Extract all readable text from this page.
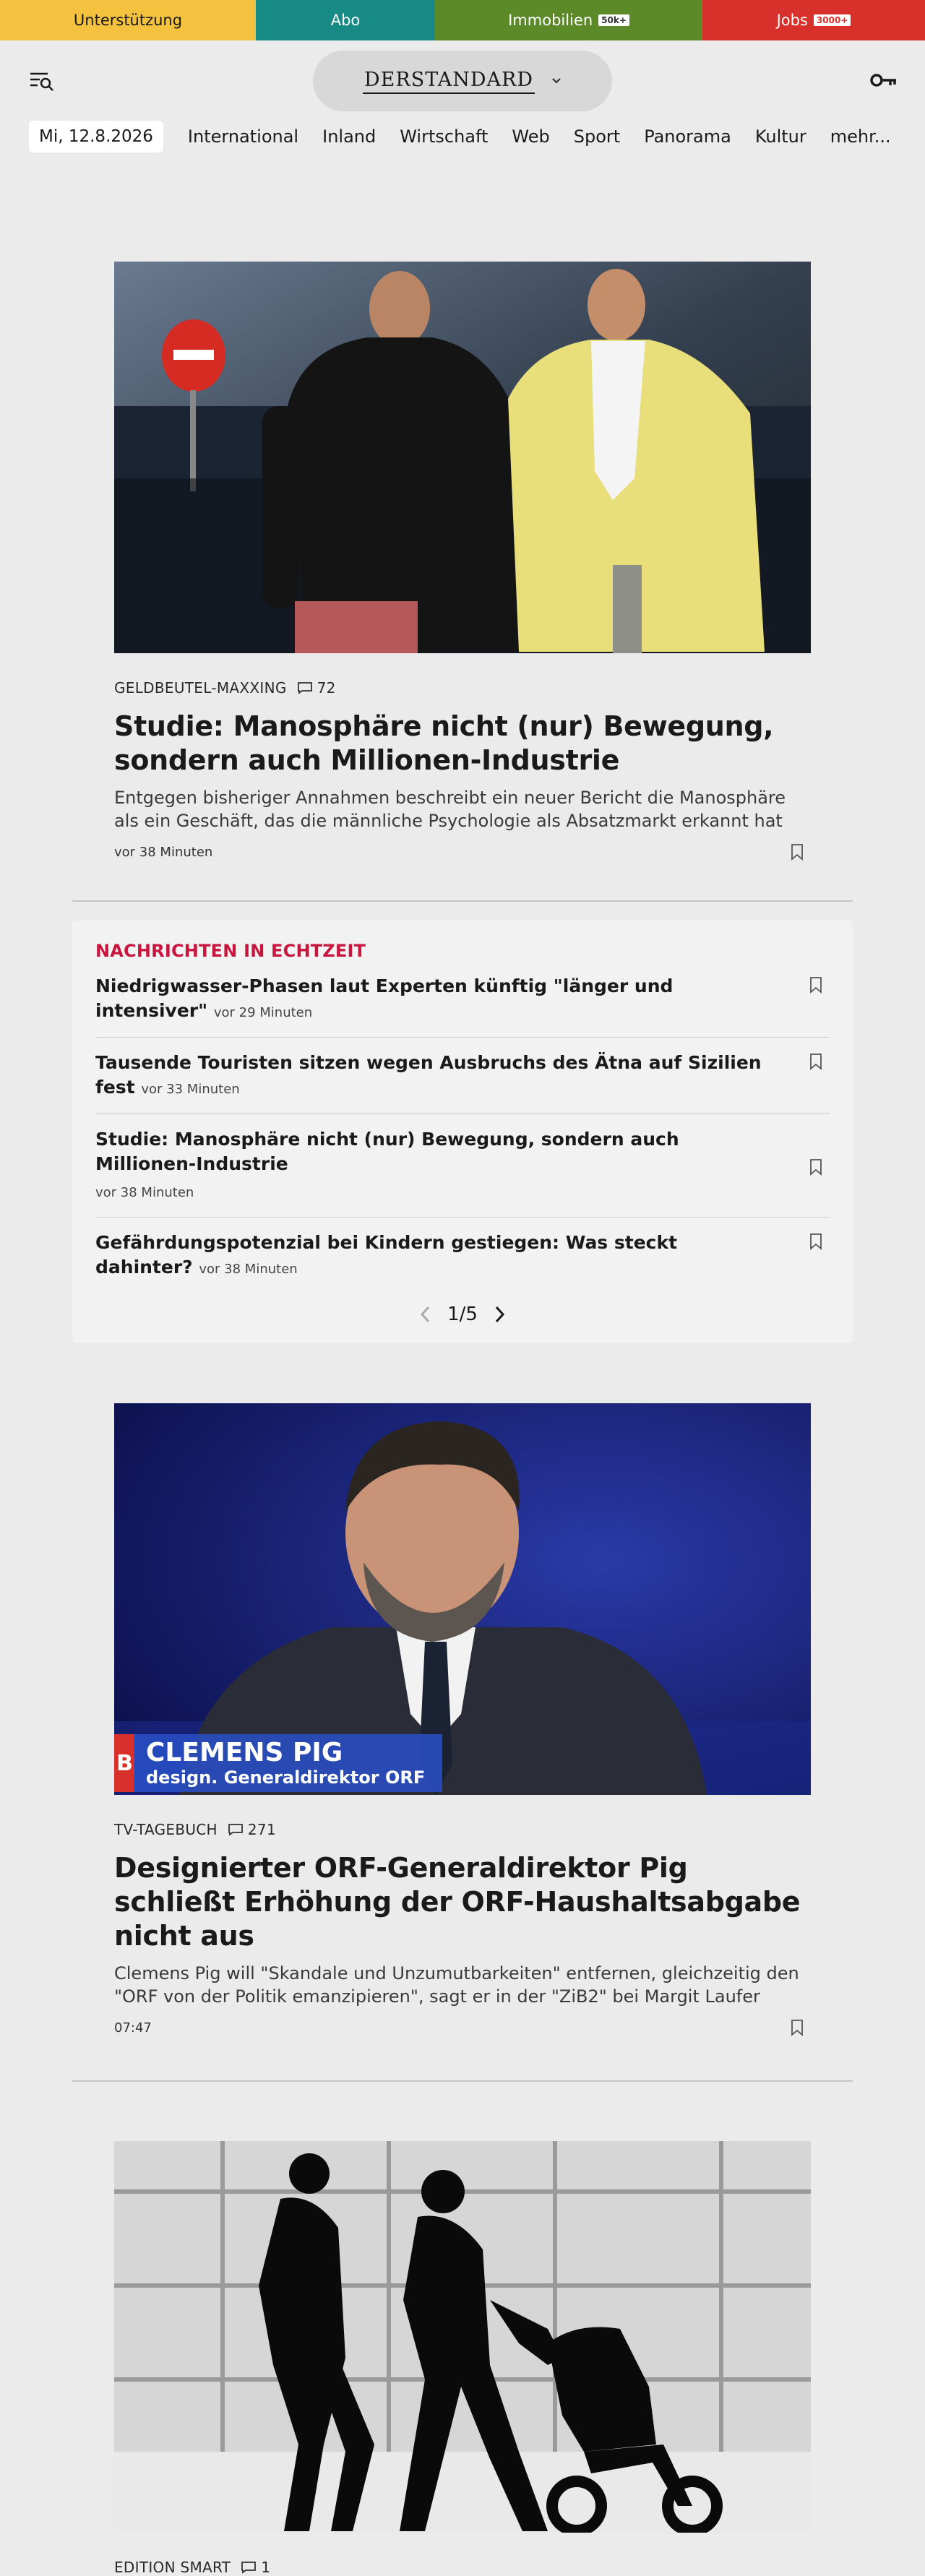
Unterstützung	Abo	Immobilien	50k+	Jobs	3000+
DERSTANDARD
Mi, 12.8.2026	International Inland Wirtschaft Web Sport Panorama Kultur mehr...
GELDBEUTEL-MAXXING 72
Studie: Manosphäre nicht (nur) Bewegung, sondern auch Millionen-Industrie
Entgegen bisheriger Annahmen beschreibt ein neuer Bericht die Manosphäre als ein Geschäft, das die männliche Psychologie als Absatzmarkt erkannt hat
vor 38 Minuten
NACHRICHTEN IN ECHTZEIT
Niedrigwasser-Phasen laut Experten künftig "länger und intensiver" vor 29 Minuten
Tausende Touristen sitzen wegen Ausbruchs des Ätna auf Sizilien fest vor 33 Minuten
Studie: Manosphäre nicht (nur) Bewegung, sondern auch Millionen-Industrie
vor 38 Minuten
Gefährdungspotenzial bei Kindern gestiegen: Was steckt dahinter? vor 38 Minuten
1/5
B CLEMENS PIG
design. Generaldirektor ORF
TV-TAGEBUCH 271
Designierter ORF-Generaldirektor Pig schließt Erhöhung der ORF-Haushaltsabgabe nicht aus
Clemens Pig will "Skandale und Unzumutbarkeiten" entfernen, gleichzeitig den "ORF von der Politik emanzipieren", sagt er in der "ZiB2" bei Margit Laufer
07:47
EDITION SMART 1
